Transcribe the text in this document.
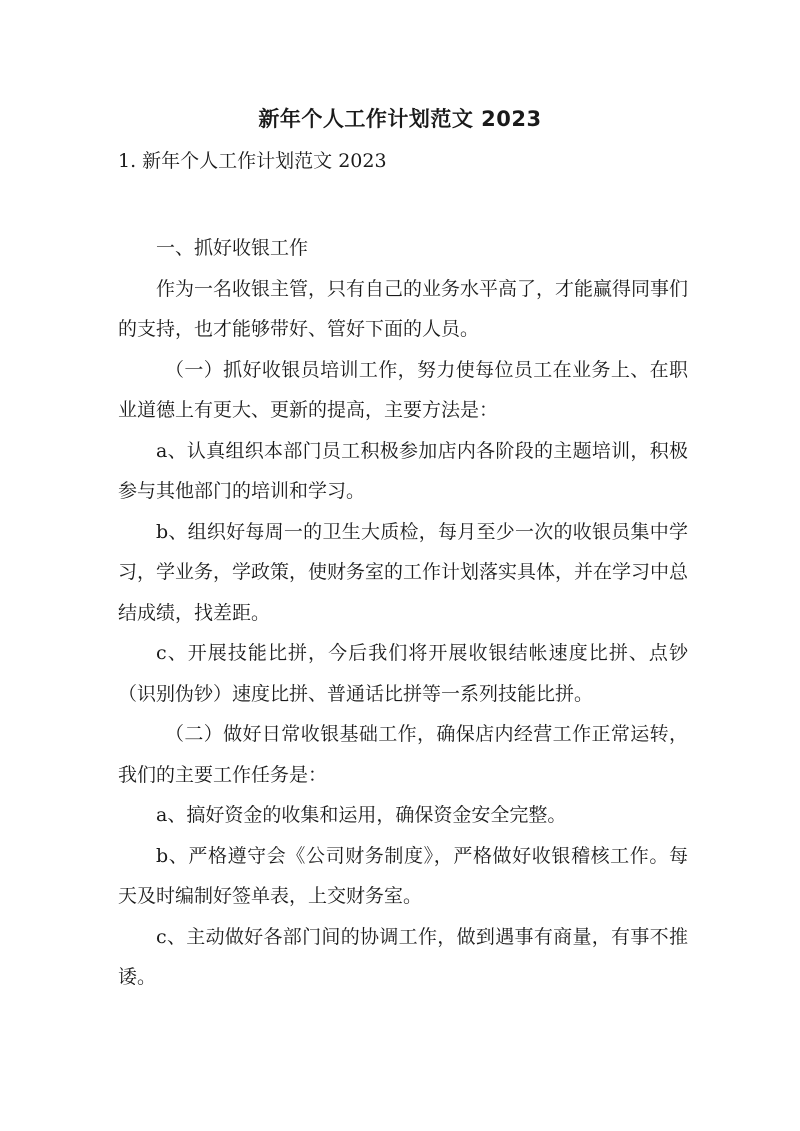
新年个人工作计划范文 2023
1. 新年个人工作计划范文 2023

一、抓好收银工作

作为一名收银主管，只有自己的业务水平高了，才能赢得同事们的支持，也才能够带好、管好下面的人员。

（一）抓好收银员培训工作，努力使每位员工在业务上、在职业道德上有更大、更新的提高，主要方法是：

a、认真组织本部门员工积极参加店内各阶段的主题培训，积极参与其他部门的培训和学习。

b、组织好每周一的卫生大质检，每月至少一次的收银员集中学习，学业务，学政策，使财务室的工作计划落实具体，并在学习中总结成绩，找差距。

c、开展技能比拼，今后我们将开展收银结帐速度比拼、点钞（识别伪钞）速度比拼、普通话比拼等一系列技能比拼。

（二）做好日常收银基础工作，确保店内经营工作正常运转，我们的主要工作任务是：

a、搞好资金的收集和运用，确保资金安全完整。

b、严格遵守会《公司财务制度》，严格做好收银稽核工作。每天及时编制好签单表，上交财务室。

c、主动做好各部门间的协调工作，做到遇事有商量，有事不推诿。
